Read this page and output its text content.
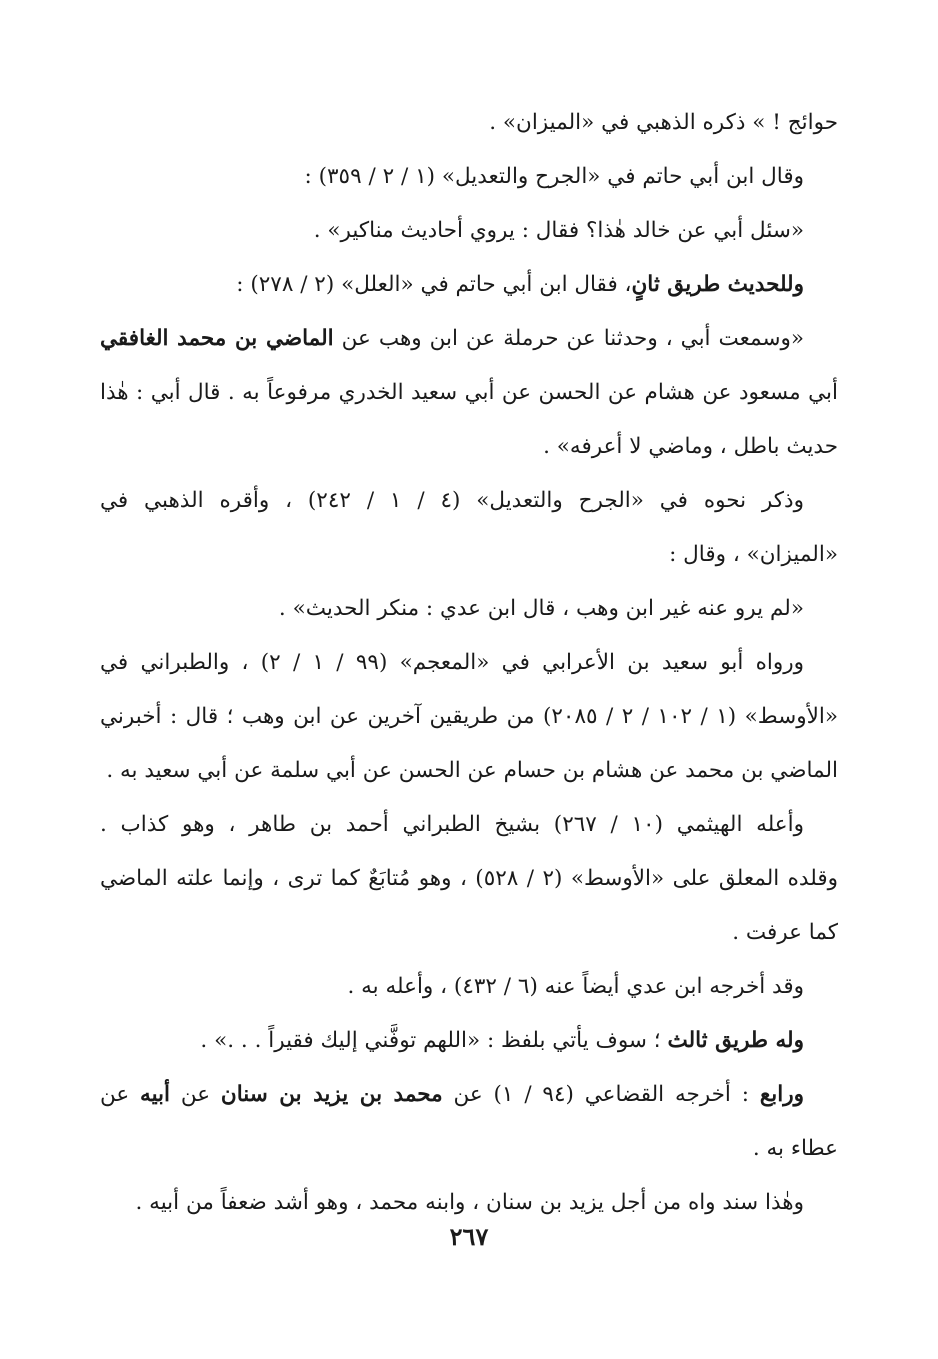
حوائج ! » ذكره الذهبي في «الميزان» .
وقال ابن أبي حاتم في «الجرح والتعديل» (١ / ٢ / ٣٥٩) :
«سئل أبي عن خالد هٰذا؟ فقال : يروي أحاديث مناكير» .
وللحديث طريق ثانٍ، فقال ابن أبي حاتم في «العلل» (٢ / ٢٧٨) :
«وسمعت أبي ، وحدثنا عن حرملة عن ابن وهب عن الماضي بن محمد الغافقي
أبي مسعود عن هشام عن الحسن عن أبي سعيد الخدري مرفوعاً به . قال أبي : هٰذا
حديث باطل ، وماضي لا أعرفه» .
وذكر نحوه في «الجرح والتعديل» (٤ / ١ / ٢٤٢) ، وأقره الذهبي في
«الميزان» ، وقال :
«لم يرو عنه غير ابن وهب ، قال ابن عدي : منكر الحديث» .
ورواه أبو سعيد بن الأعرابي في «المعجم» (٩٩ / ١ / ٢) ، والطبراني في
«الأوسط» (١ / ١٠٢ / ٢ / ٢٠٨٥) من طريقين آخرين عن ابن وهب ؛ قال : أخبرني
الماضي بن محمد عن هشام بن حسام عن الحسن عن أبي سلمة عن أبي سعيد به .
وأعله الهيثمي (١٠ / ٢٦٧) بشيخ الطبراني أحمد بن طاهر ، وهو كذاب .
وقلده المعلق على «الأوسط» (٢ / ٥٢٨) ، وهو مُتابَعٌ كما ترى ، وإنما علته الماضي
كما عرفت .
وقد أخرجه ابن عدي أيضاً عنه (٦ / ٤٣٢) ، وأعله به .
وله طريق ثالث ؛ سوف يأتي بلفظ : «اللهم توفَّني إليك فقيراً . . .» .
ورابع : أخرجه القضاعي (٩٤ / ١) عن محمد بن يزيد بن سنان عن أبيه عن
عطاء به .
وهٰذا سند واه من أجل يزيد بن سنان ، وابنه محمد ، وهو أشد ضعفاً من أبيه .
٢٦٧
